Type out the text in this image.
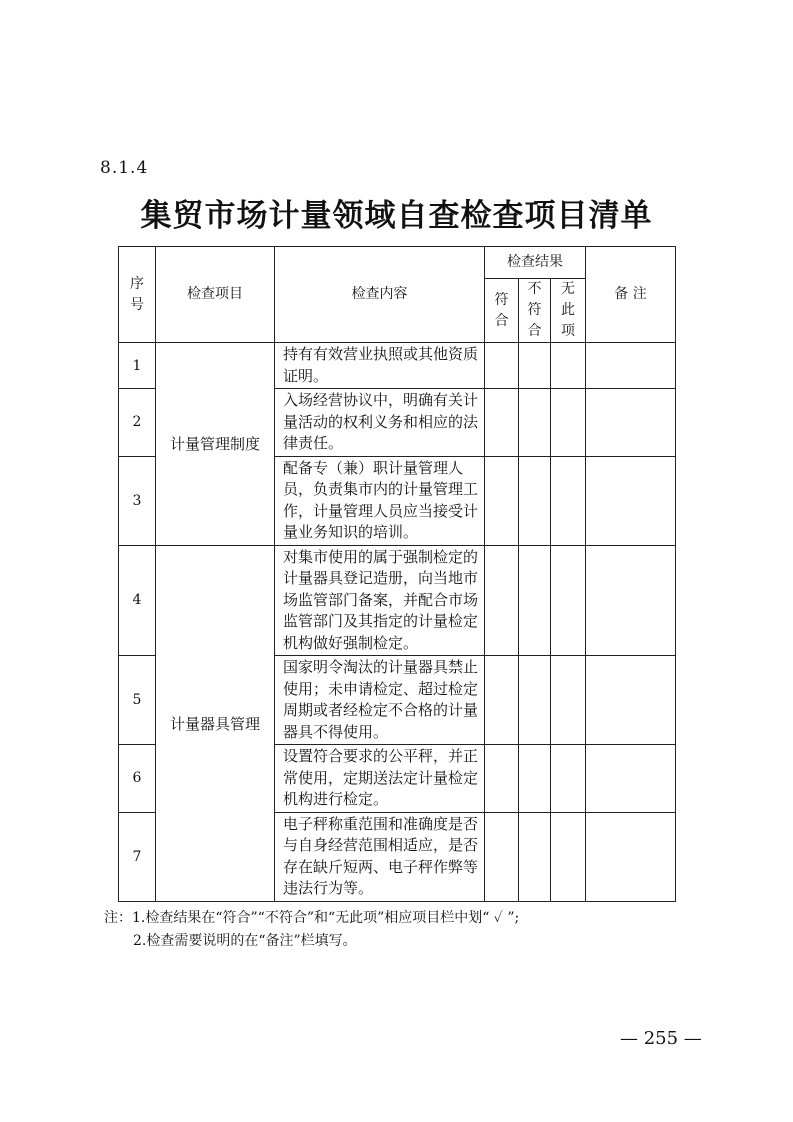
8.1.4
集贸市场计量领域自查检查项目清单
序号	检查项目	检查内容	检查结果			备 注
			符合	不符合	无此项	
1	计量管理制度	持有有效营业执照或其他资质证明。				
2		入场经营协议中，明确有关计量活动的权利义务和相应的法律责任。				
3		配备专（兼）职计量管理人员，负责集市内的计量管理工作，计量管理人员应当接受计量业务知识的培训。				
4	计量器具管理	对集市使用的属于强制检定的计量器具登记造册，向当地市场监管部门备案，并配合市场监管部门及其指定的计量检定机构做好强制检定。				
5		国家明令淘汰的计量器具禁止使用；未申请检定、超过检定周期或者经检定不合格的计量器具不得使用。				
6		设置符合要求的公平秤，并正常使用，定期送法定计量检定机构进行检定。				
7		电子秤称重范围和准确度是否与自身经营范围相适应，是否存在缺斤短两、电子秤作弊等违法行为等。				
注：1.检查结果在“符合”“不符合”和“无此项”相应项目栏中划“ ✓ ”;
2.检查需要说明的在“备注”栏填写。
— 255 —
